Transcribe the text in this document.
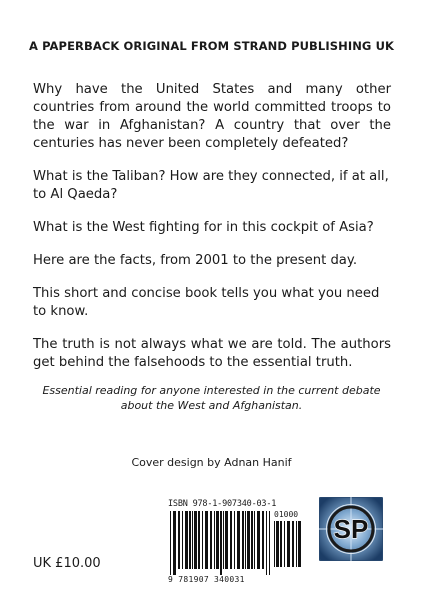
A PAPERBACK ORIGINAL FROM STRAND PUBLISHING UK

Why have the United States and many other countries from around the world committed troops to the war in Afghanistan? A country that over the centuries has never been completely defeated?

What is the Taliban? How are they connected, if at all, to Al Qaeda?

What is the West fighting for in this cockpit of Asia?

Here are the facts, from 2001 to the present day.

This short and concise book tells you what you need to know.

The truth is not always what we are told. The authors get behind the falsehoods to the essential truth.

Essential reading for anyone interested in the current debate about the West and Afghanistan.
Cover design by Adnan Hanif
UK £10.00
ISBN 978-1-907340-03-1
01000
9 781907 340031
SP
